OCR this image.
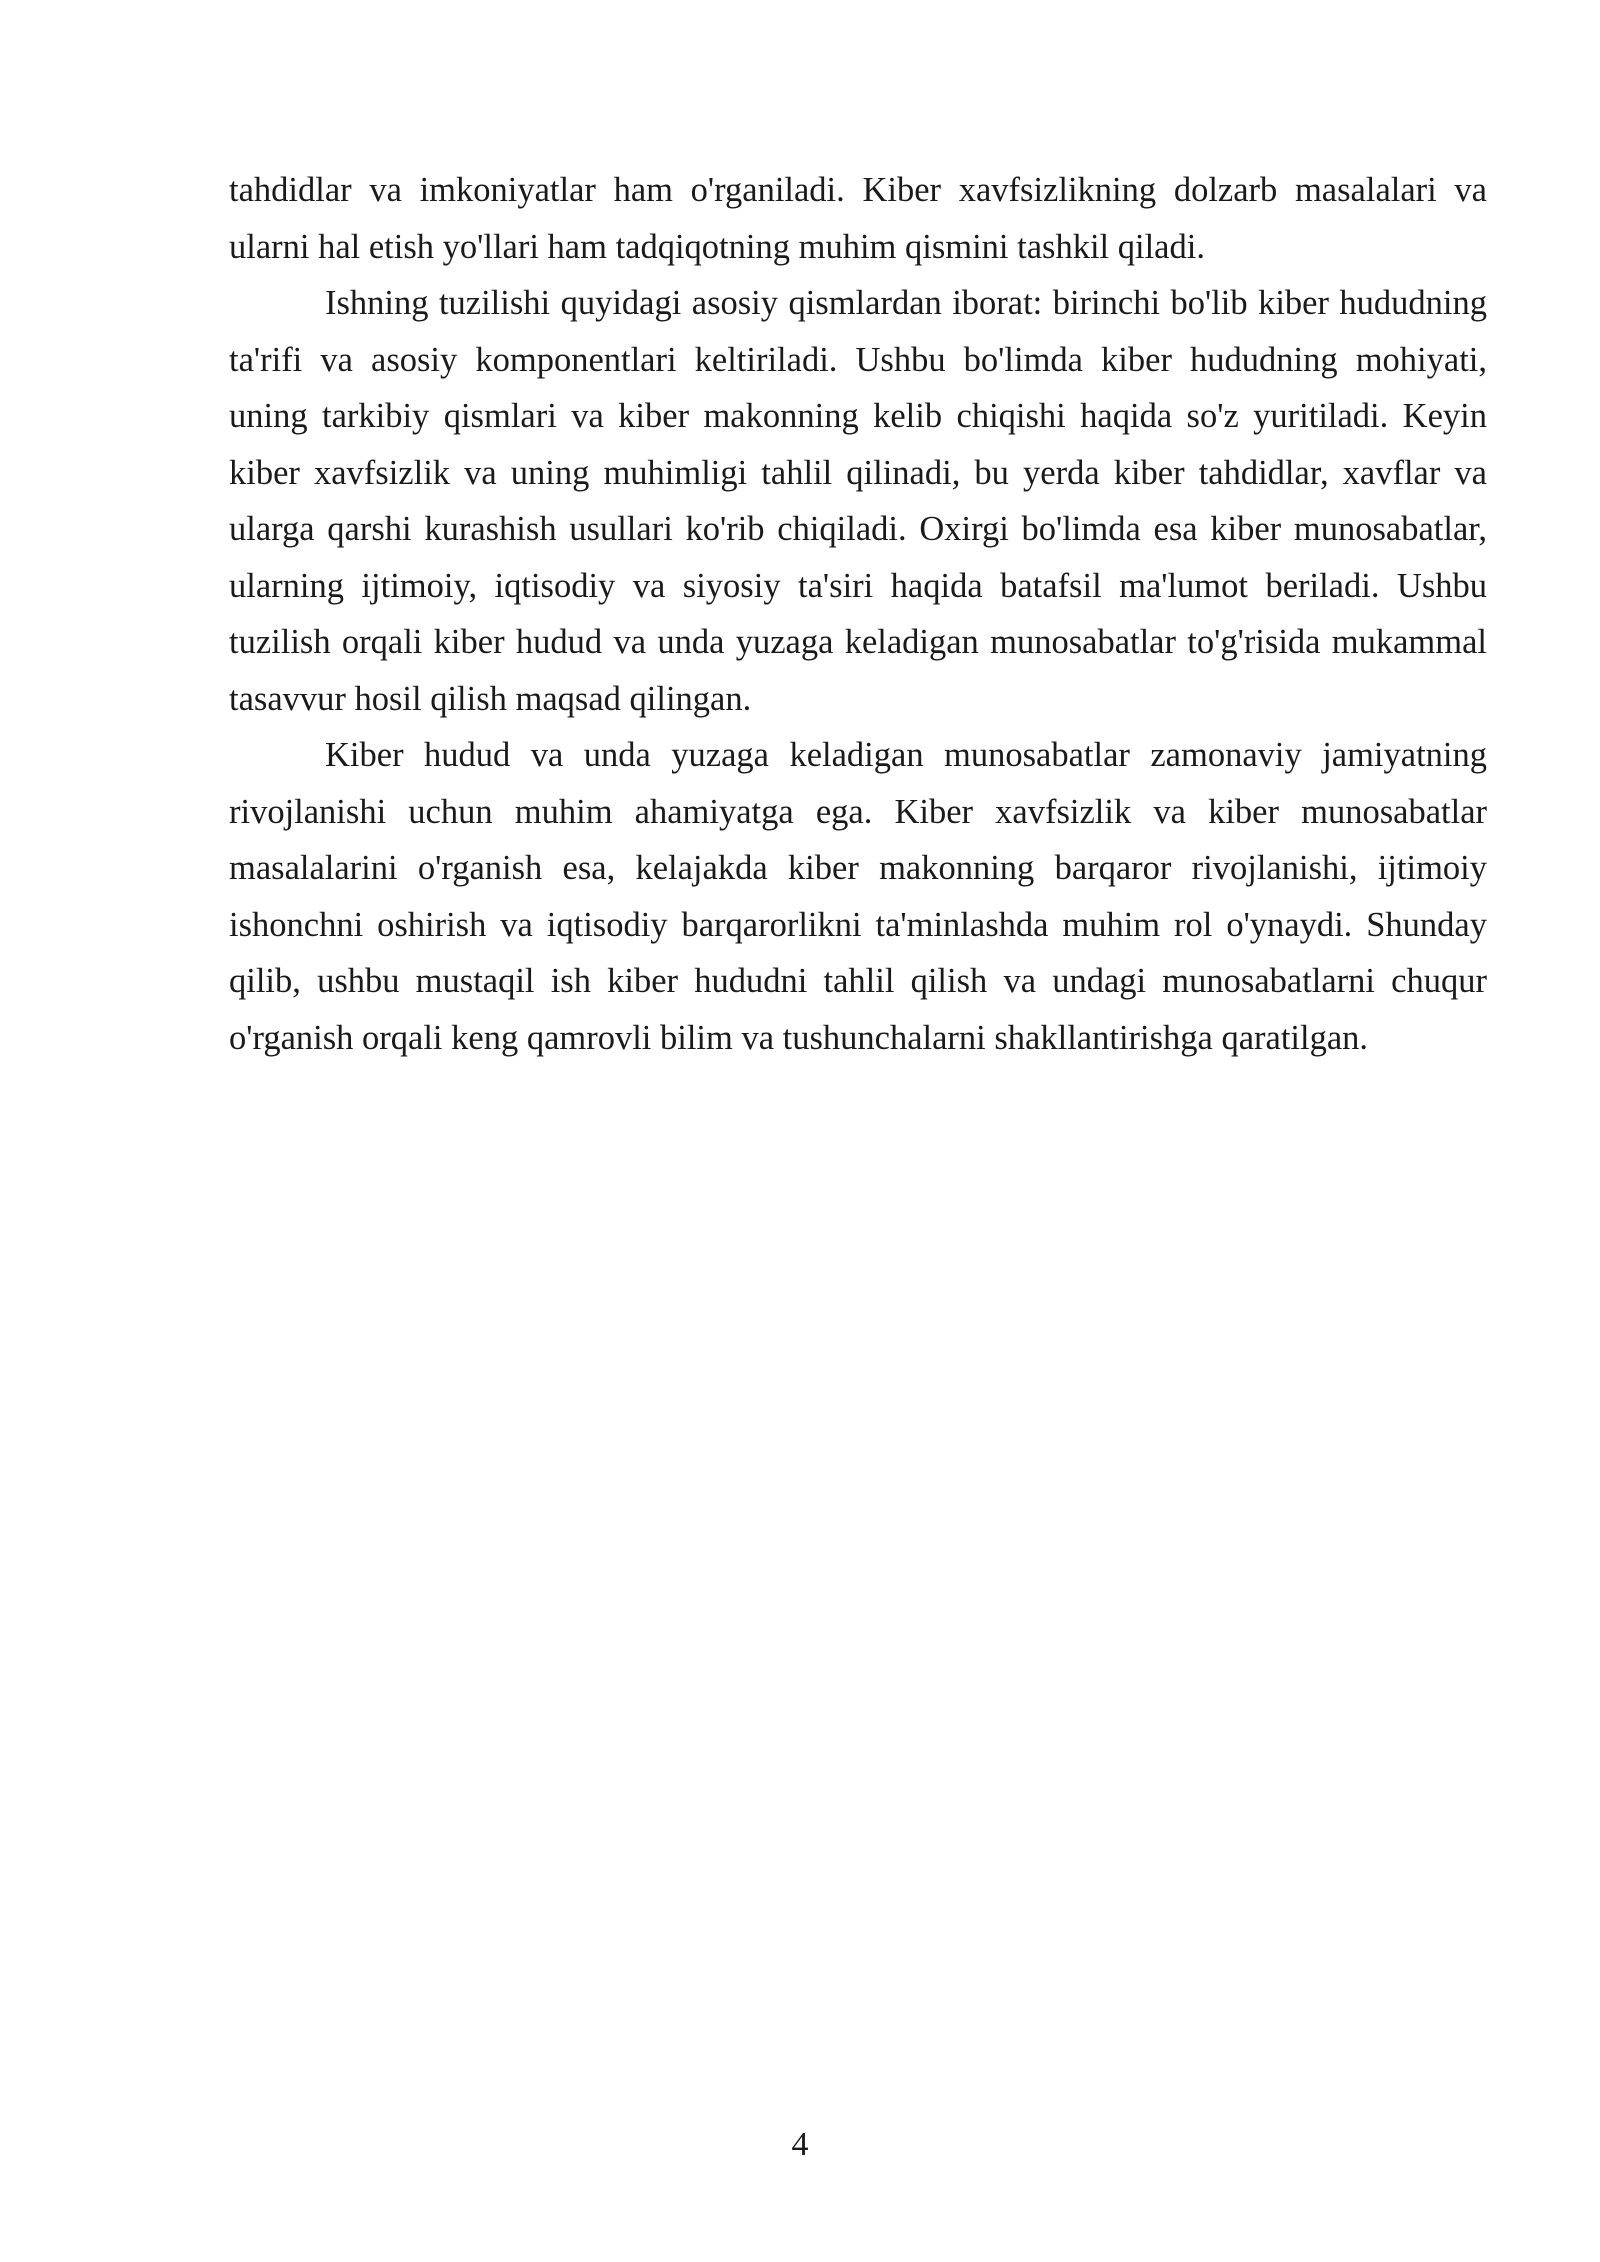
tahdidlar va imkoniyatlar ham o'rganiladi. Kiber xavfsizlikning dolzarb masalalari va ularni hal etish yo'llari ham tadqiqotning muhim qismini tashkil qiladi.

Ishning tuzilishi quyidagi asosiy qismlardan iborat: birinchi bo'lib kiber hududning ta'rifi va asosiy komponentlari keltiriladi. Ushbu bo'limda kiber hududning mohiyati, uning tarkibiy qismlari va kiber makonning kelib chiqishi haqida so'z yuritiladi. Keyin kiber xavfsizlik va uning muhimligi tahlil qilinadi, bu yerda kiber tahdidlar, xavflar va ularga qarshi kurashish usullari ko'rib chiqiladi. Oxirgi bo'limda esa kiber munosabatlar, ularning ijtimoiy, iqtisodiy va siyosiy ta'siri haqida batafsil ma'lumot beriladi. Ushbu tuzilish orqali kiber hudud va unda yuzaga keladigan munosabatlar to'g'risida mukammal tasavvur hosil qilish maqsad qilingan.

Kiber hudud va unda yuzaga keladigan munosabatlar zamonaviy jamiyatning rivojlanishi uchun muhim ahamiyatga ega. Kiber xavfsizlik va kiber munosabatlar masalalarini o'rganish esa, kelajakda kiber makonning barqaror rivojlanishi, ijtimoiy ishonchni oshirish va iqtisodiy barqarorlikni ta'minlashda muhim rol o'ynaydi. Shunday qilib, ushbu mustaqil ish kiber hududni tahlil qilish va undagi munosabatlarni chuqur o'rganish orqali keng qamrovli bilim va tushunchalarni shakllantirishga qaratilgan.

4
